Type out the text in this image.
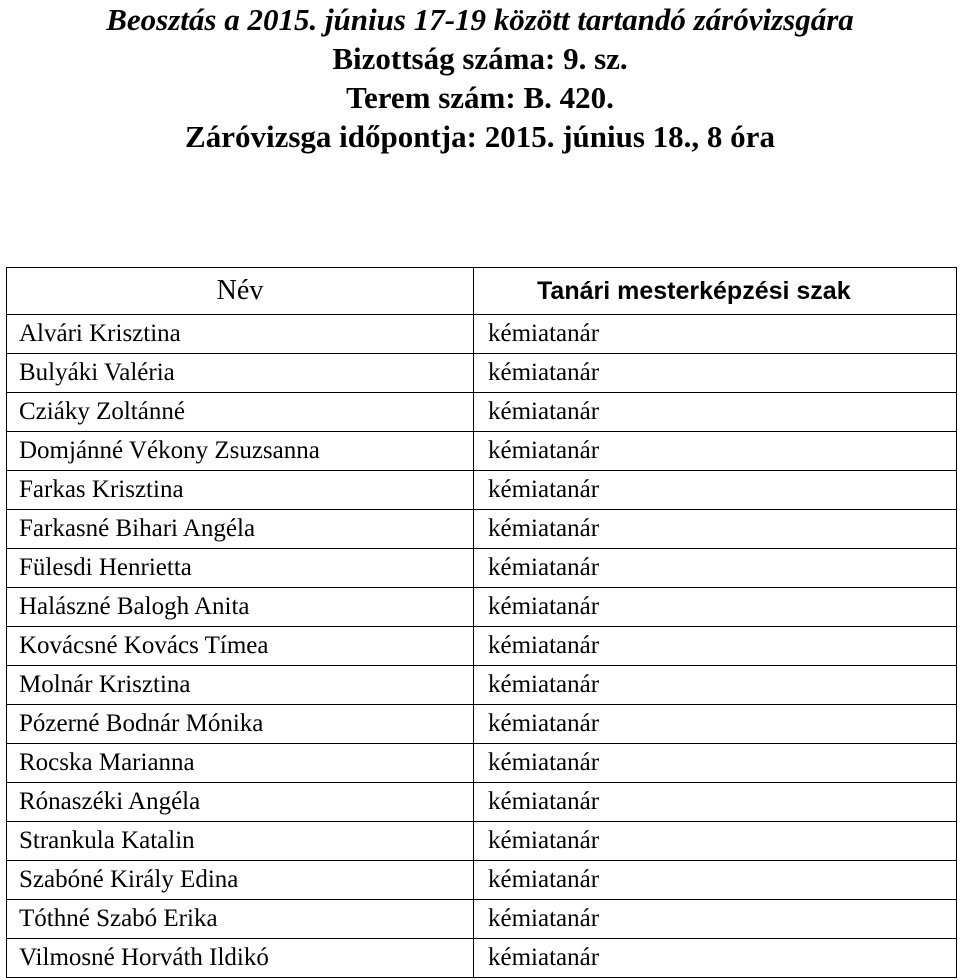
Beosztás a 2015. június 17-19 között tartandó záróvizsgára
Bizottság száma: 9. sz.
Terem szám: B. 420.
Záróvizsga időpontja: 2015. június 18., 8 óra
Név	Tanári mesterképzési szak
Alvári Krisztina	kémiatanár
Bulyáki Valéria	kémiatanár
Cziáky Zoltánné	kémiatanár
Domjánné Vékony Zsuzsanna	kémiatanár
Farkas Krisztina	kémiatanár
Farkasné Bihari Angéla	kémiatanár
Fülesdi Henrietta	kémiatanár
Halászné Balogh Anita	kémiatanár
Kovácsné Kovács Tímea	kémiatanár
Molnár Krisztina	kémiatanár
Pózerné Bodnár Mónika	kémiatanár
Rocska Marianna	kémiatanár
Rónaszéki Angéla	kémiatanár
Strankula Katalin	kémiatanár
Szabóné Király Edina	kémiatanár
Tóthné Szabó Erika	kémiatanár
Vilmosné Horváth Ildikó	kémiatanár
